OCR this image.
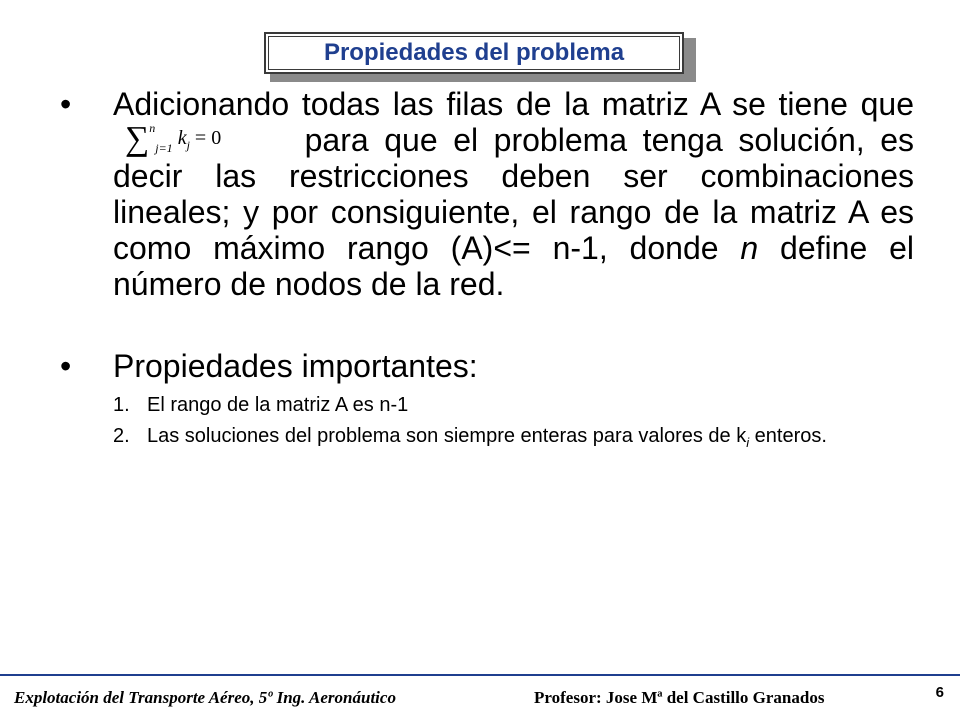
Propiedades del problema
•	Adicionando todas las filas de la matriz A se tiene que ∑$^n_{j=1}$ $k_j = 0$	para que el problema tenga solución, es decir las restricciones deben ser combinaciones lineales; y por consiguiente, el rango de la matriz A es como máximo rango (A)<= n-1, donde n define el número de nodos de la red.
•	Propiedades importantes:
1. El rango de la matriz A es n-1
2. Las soluciones del problema son siempre enteras para valores de $k_i$ enteros.
Explotación del Transporte Aéreo, 5º Ing. Aeronáutico	Profesor: Jose Mª del Castillo Granados	6
